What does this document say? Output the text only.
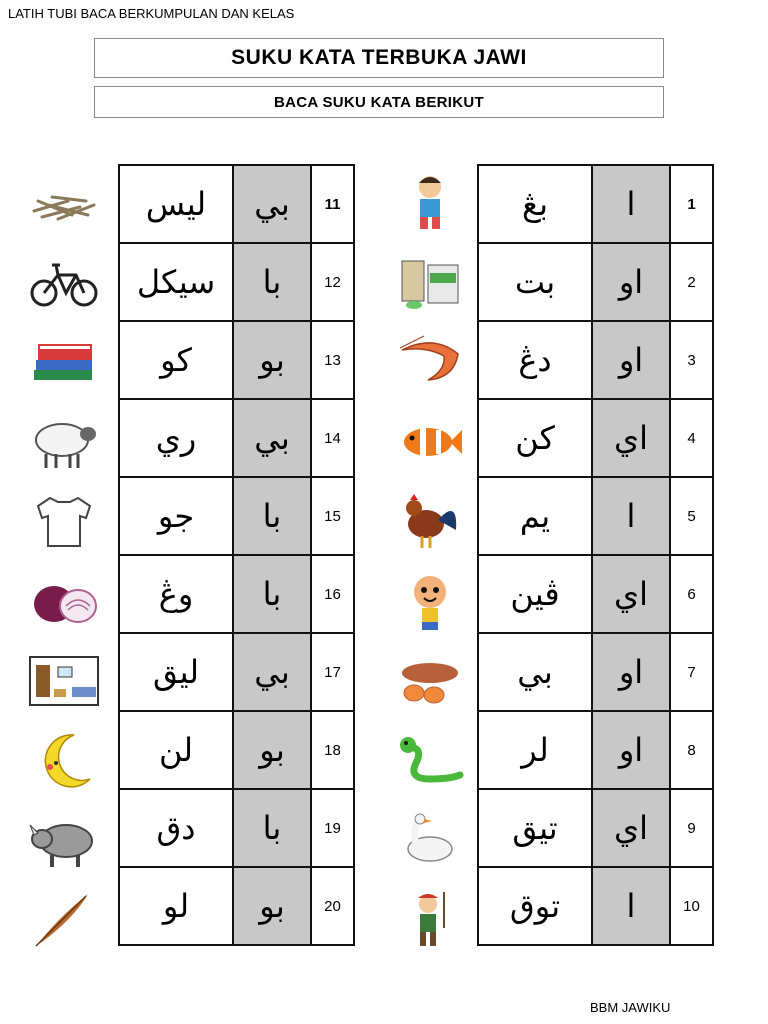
LATIH TUBI BACA BERKUMPULAN DAN KELAS
SUKU KATA TERBUKA JAWI
BACA SUKU KATA BERIKUT
ليس	بي	11
سيكل	با	12
كو	بو	13
ري	بي	14
جو	با	15
وڠ	با	16
ليق	بي	17
لن	بو	18
دق	با	19
لو	بو	20
بڠ	ا	1
بت	او	2
دڠ	او	3
كن	اي	4
يم	ا	5
ڤين	اي	6
بي	او	7
لر	او	8
تيق	اي	9
توق	ا	10
BBM JAWIKU
